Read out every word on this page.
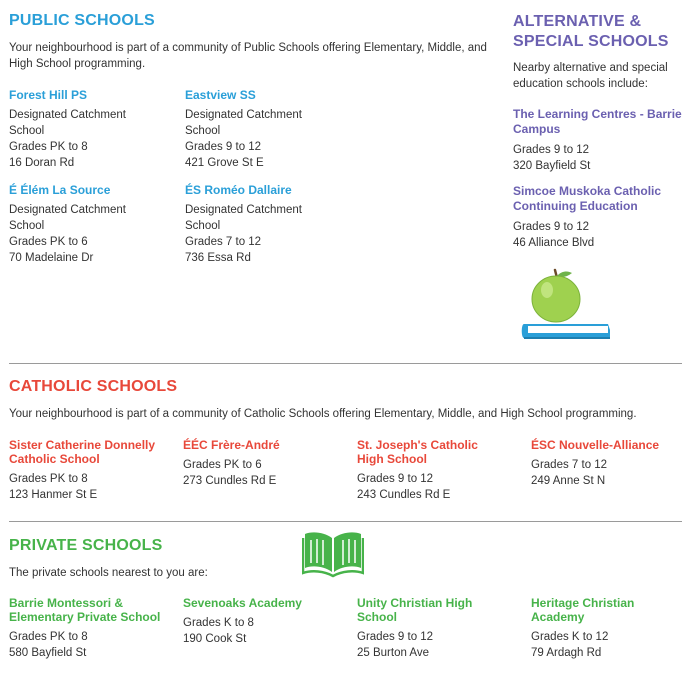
PUBLIC SCHOOLS
Your neighbourhood is part of a community of Public Schools offering Elementary, Middle, and High School programming.
Forest Hill PS
Designated Catchment School
Grades PK to 8
16 Doran Rd
Eastview SS
Designated Catchment School
Grades 9 to 12
421 Grove St E
É Élém La Source
Designated Catchment School
Grades PK to 6
70 Madelaine Dr
ÉS Roméo Dallaire
Designated Catchment School
Grades 7 to 12
736 Essa Rd
ALTERNATIVE & SPECIAL SCHOOLS
Nearby alternative and special education schools include:
The Learning Centres - Barrie Campus
Grades 9 to 12
320 Bayfield St
Simcoe Muskoka Catholic Continuing Education
Grades 9 to 12
46 Alliance Blvd
CATHOLIC SCHOOLS
Your neighbourhood is part of a community of Catholic Schools offering Elementary, Middle, and High School programming.
Sister Catherine Donnelly Catholic School
Grades PK to 8
123 Hanmer St E
ÉÉC Frère-André
Grades PK to 6
273 Cundles Rd E
St. Joseph's Catholic High School
Grades 9 to 12
243 Cundles Rd E
ÉSC Nouvelle-Alliance
Grades 7 to 12
249 Anne St N
PRIVATE SCHOOLS
The private schools nearest to you are:
Barrie Montessori & Elementary Private School
Grades PK to 8
580 Bayfield St
Sevenoaks Academy
Grades K to 8
190 Cook St
Unity Christian High School
Grades 9 to 12
25 Burton Ave
Heritage Christian Academy
Grades K to 12
79 Ardagh Rd
